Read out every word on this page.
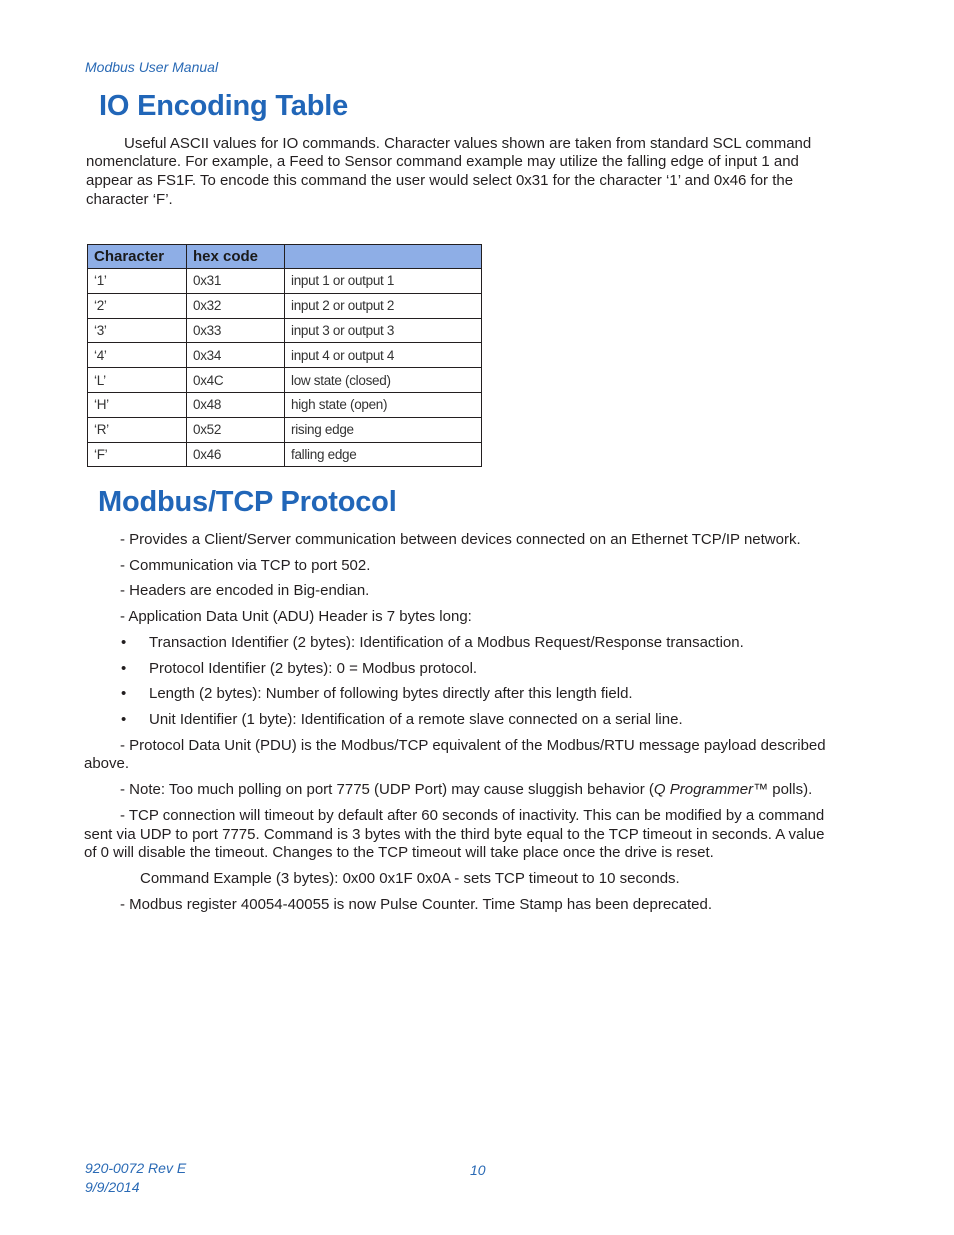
Modbus User Manual
IO Encoding Table
Useful ASCII values for IO commands. Character values shown are taken from standard SCL command
nomenclature. For example, a Feed to Sensor command example may utilize the falling edge of input 1 and
appear as FS1F. To encode this command the user would select 0x31 for the character ‘1’ and 0x46 for the
character ‘F’.
Character	hex code	
‘1’	0x31	input 1 or output 1
‘2’	0x32	input 2 or output 2
‘3’	0x33	input 3 or output 3
‘4’	0x34	input 4 or output 4
‘L’	0x4C	low state (closed)
‘H’	0x48	high state (open)
‘R’	0x52	rising edge
‘F’	0x46	falling edge
Modbus/TCP Protocol
- Provides a Client/Server communication between devices connected on an Ethernet TCP/IP network.
- Communication via TCP to port 502.
- Headers are encoded in Big-endian.
- Application Data Unit (ADU) Header is 7 bytes long:
• Transaction Identifier (2 bytes): Identification of a Modbus Request/Response transaction.
• Protocol Identifier (2 bytes): 0 = Modbus protocol.
• Length (2 bytes): Number of following bytes directly after this length field.
• Unit Identifier (1 byte): Identification of a remote slave connected on a serial line.
- Protocol Data Unit (PDU) is the Modbus/TCP equivalent of the Modbus/RTU message payload described
above.
- Note: Too much polling on port 7775 (UDP Port) may cause sluggish behavior (Q Programmer™ polls).
- TCP connection will timeout by default after 60 seconds of inactivity. This can be modified by a command
sent via UDP to port 7775. Command is 3 bytes with the third byte equal to the TCP timeout in seconds. A value
of 0 will disable the timeout. Changes to the TCP timeout will take place once the drive is reset.
Command Example (3 bytes): 0x00 0x1F 0x0A - sets TCP timeout to 10 seconds.
- Modbus register 40054-40055 is now Pulse Counter. Time Stamp has been deprecated.
920-0072 Rev E
9/9/2014
10
